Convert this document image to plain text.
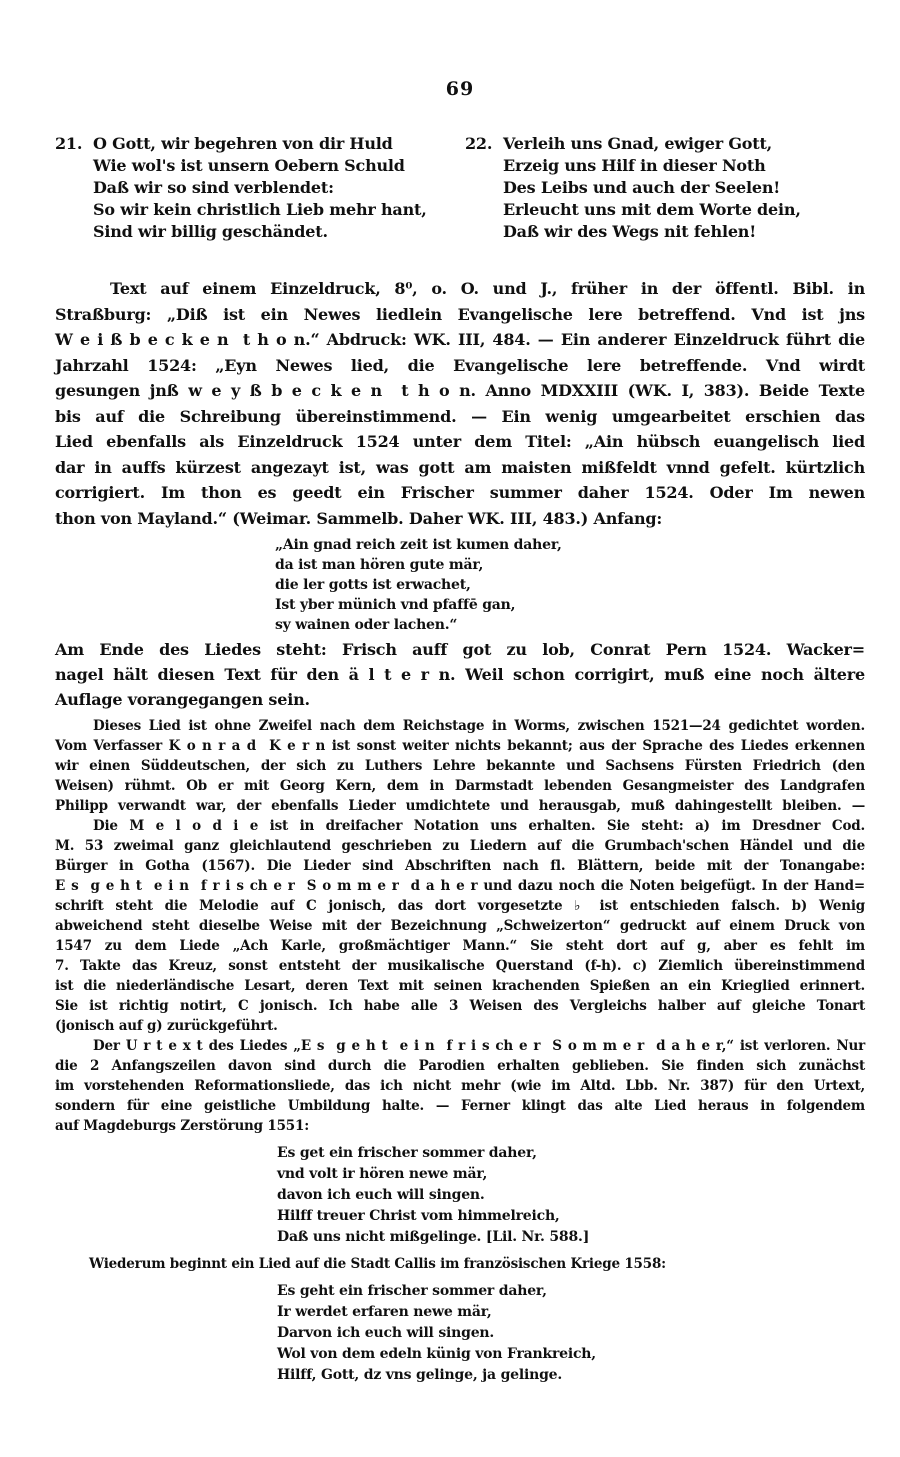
69
21. O Gott, wir begehren von dir Huld
Wie wol's ist unsern Oebern Schuld
Daß wir so sind verblendet:
So wir kein christlich Lieb mehr hant,
Sind wir billig geschändet.
22. Verleih uns Gnad, ewiger Gott,
Erzeig uns Hilf in dieser Noth
Des Leibs und auch der Seelen!
Erleucht uns mit dem Worte dein,
Daß wir des Wegs nit fehlen!
Text auf einem Einzeldruck, 8⁰, o. O. und J., früher in der öffentl. Bibl. in
Straßburg: „Diß ist ein Newes liedlein Evangelische lere betreffend. Vnd ist jns
W e i ß b e c k e n  t h o n.“ Abdruck: WK. III, 484. — Ein anderer Einzeldruck führt die
Jahrzahl 1524: „Eyn Newes lied, die Evangelische lere betreffende. Vnd wirdt
gesungen jnß w e y ß b e c k e n  t h o n. Anno MDXXIII (WK. I, 383). Beide Texte
bis auf die Schreibung übereinstimmend. — Ein wenig umgearbeitet erschien das
Lied ebenfalls als Einzeldruck 1524 unter dem Titel: „Ain hübsch euangelisch lied
dar in auffs kürzest angezayt ist, was gott am maisten mißfeldt vnnd gefelt. kürtzlich
corrigiert. Im thon es geedt ein Frischer summer daher 1524. Oder Im newen
thon von Mayland.“ (Weimar. Sammelb. Daher WK. III, 483.) Anfang:
„Ain gnad reich zeit ist kumen daher,
da ist man hören gute mär,
die ler gotts ist erwachet,
Ist yber münich vnd pfaffē gan,
sy wainen oder lachen.“
Am Ende des Liedes steht: Frisch auff got zu lob, Conrat Pern 1524. Wacker=
nagel hält diesen Text für den ä l t e r n. Weil schon corrigirt, muß eine noch ältere
Auflage vorangegangen sein.
Dieses Lied ist ohne Zweifel nach dem Reichstage in Worms, zwischen 1521—24 gedichtet worden.
Vom Verfasser K o n r a d  K e r n ist sonst weiter nichts bekannt; aus der Sprache des Liedes erkennen
wir einen Süddeutschen, der sich zu Luthers Lehre bekannte und Sachsens Fürsten Friedrich (den
Weisen) rühmt. Ob er mit Georg Kern, dem in Darmstadt lebenden Gesangmeister des Landgrafen
Philipp verwandt war, der ebenfalls Lieder umdichtete und herausgab, muß dahingestellt bleiben. —
Die M e l o d i e ist in dreifacher Notation uns erhalten. Sie steht: a) im Dresdner Cod.
M. 53 zweimal ganz gleichlautend geschrieben zu Liedern auf die Grumbach'schen Händel und die
Bürger in Gotha (1567). Die Lieder sind Abschriften nach fl. Blättern, beide mit der Tonangabe:
E s  g e h t  e i n  f r i s ch e r  S o m m e r  d a h e r und dazu noch die Noten beigefügt. In der Hand=
schrift steht die Melodie auf C jonisch, das dort vorgesetzte ♭ ist entschieden falsch. b) Wenig
abweichend steht dieselbe Weise mit der Bezeichnung „Schweizerton“ gedruckt auf einem Druck von
1547 zu dem Liede „Ach Karle, großmächtiger Mann.“ Sie steht dort auf g, aber es fehlt im
7. Takte das Kreuz, sonst entsteht der musikalische Querstand (f-h). c) Ziemlich übereinstimmend
ist die niederländische Lesart, deren Text mit seinen krachenden Spießen an ein Krieglied erinnert.
Sie ist richtig notirt, C jonisch. Ich habe alle 3 Weisen des Vergleichs halber auf gleiche Tonart
(jonisch auf g) zurückgeführt.
Der U r t e x t des Liedes „E s  g e h t  e i n  f r i s ch e r  S o m m e r  d a h e r,“ ist verloren. Nur
die 2 Anfangszeilen davon sind durch die Parodien erhalten geblieben. Sie finden sich zunächst
im vorstehenden Reformationsliede, das ich nicht mehr (wie im Altd. Lbb. Nr. 387) für den Urtext,
sondern für eine geistliche Umbildung halte. — Ferner klingt das alte Lied heraus in folgendem
auf Magdeburgs Zerstörung 1551:
Es get ein frischer sommer daher,
vnd volt ir hören newe mär,
davon ich euch will singen.
Hilff treuer Christ vom himmelreich,
Daß uns nicht mißgelinge. [Lil. Nr. 588.]
Wiederum beginnt ein Lied auf die Stadt Callis im französischen Kriege 1558:
Es geht ein frischer sommer daher,
Ir werdet erfaren newe mär,
Darvon ich euch will singen.
Wol von dem edeln künig von Frankreich,
Hilff, Gott, dz vns gelinge, ja gelinge.
